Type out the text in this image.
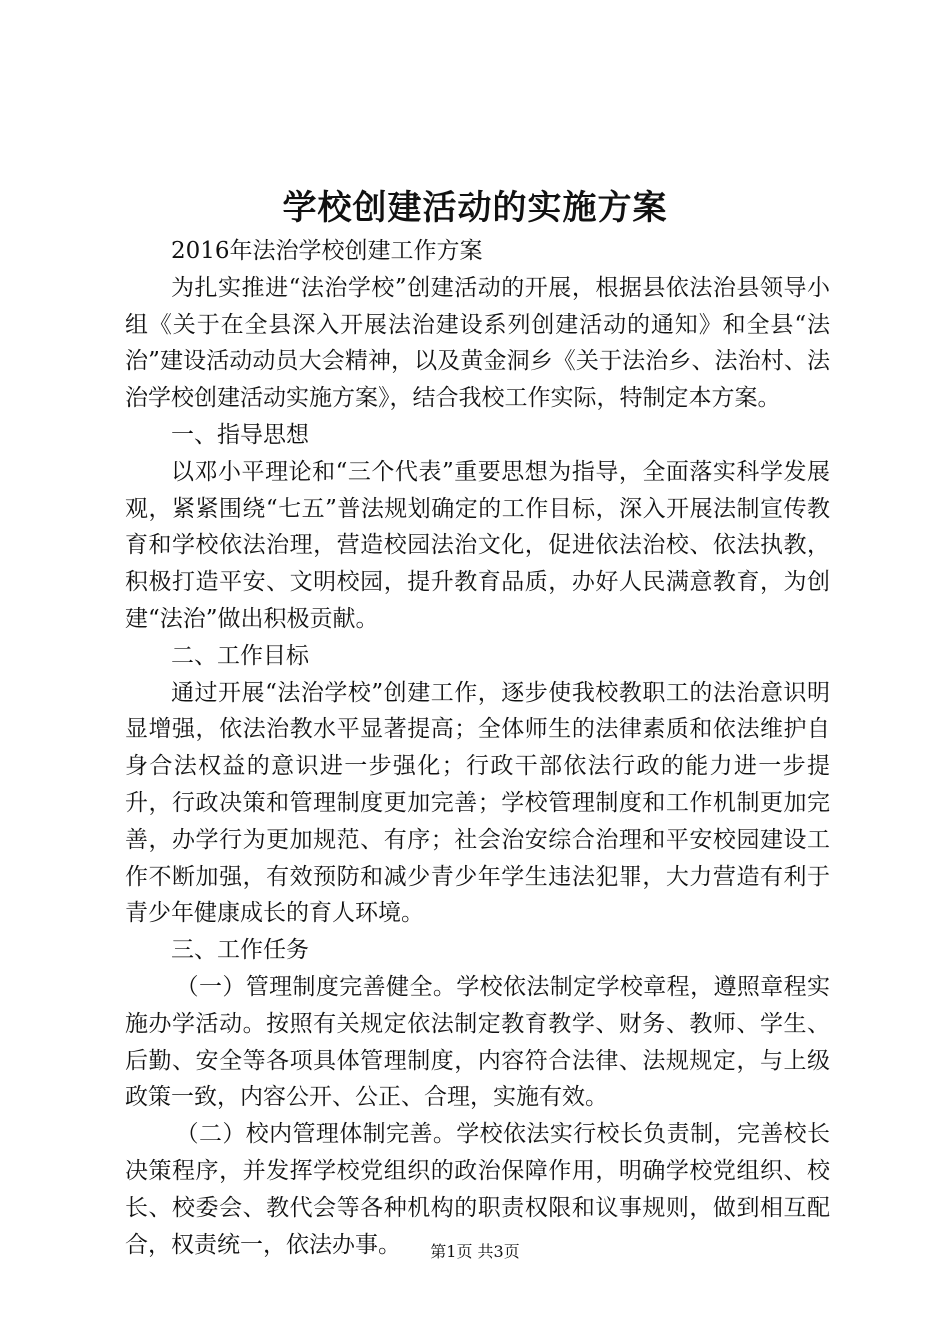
学校创建活动的实施方案

2016年法治学校创建工作方案

为扎实推进“法治学校”创建活动的开展，根据县依法治县领导小组《关于在全县深入开展法治建设系列创建活动的通知》和全县“法治”建设活动动员大会精神，以及黄金洞乡《关于法治乡、法治村、法治学校创建活动实施方案》，结合我校工作实际，特制定本方案。

一、指导思想

以邓小平理论和“三个代表”重要思想为指导，全面落实科学发展观，紧紧围绕“七五”普法规划确定的工作目标，深入开展法制宣传教育和学校依法治理，营造校园法治文化，促进依法治校、依法执教，积极打造平安、文明校园，提升教育品质，办好人民满意教育，为创建“法治”做出积极贡献。

二、工作目标

通过开展“法治学校”创建工作，逐步使我校教职工的法治意识明显增强，依法治教水平显著提高；全体师生的法律素质和依法维护自身合法权益的意识进一步强化；行政干部依法行政的能力进一步提升，行政决策和管理制度更加完善；学校管理制度和工作机制更加完善，办学行为更加规范、有序；社会治安综合治理和平安校园建设工作不断加强，有效预防和减少青少年学生违法犯罪，大力营造有利于青少年健康成长的育人环境。

三、工作任务

（一）管理制度完善健全。学校依法制定学校章程，遵照章程实施办学活动。按照有关规定依法制定教育教学、财务、教师、学生、后勤、安全等各项具体管理制度，内容符合法律、法规规定，与上级政策一致，内容公开、公正、合理，实施有效。

（二）校内管理体制完善。学校依法实行校长负责制，完善校长决策程序，并发挥学校党组织的政治保障作用，明确学校党组织、校长、校委会、教代会等各种机构的职责权限和议事规则，做到相互配合，权责统一，依法办事。	第1页 共3页
